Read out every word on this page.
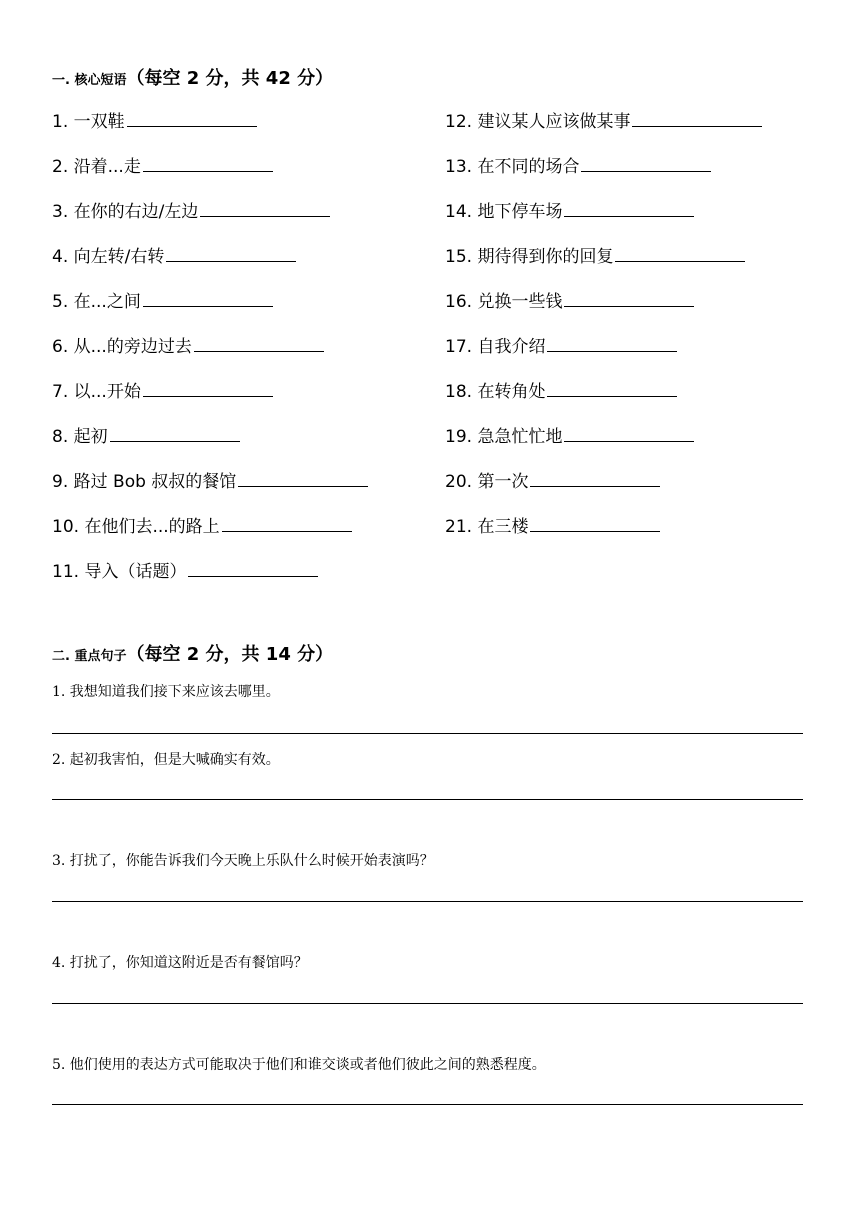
一. 核心短语（每空 2 分，共 42 分）
1. 一双鞋
2. 沿着...走
3. 在你的右边/左边
4. 向左转/右转
5. 在...之间
6. 从...的旁边过去
7. 以...开始
8. 起初
9. 路过 Bob 叔叔的餐馆
10. 在他们去...的路上
11. 导入（话题）
12. 建议某人应该做某事
13. 在不同的场合
14. 地下停车场
15. 期待得到你的回复
16. 兑换一些钱
17. 自我介绍
18. 在转角处
19. 急急忙忙地
20. 第一次
21. 在三楼
二. 重点句子（每空 2 分，共 14 分）
1. 我想知道我们接下来应该去哪里。
2. 起初我害怕，但是大喊确实有效。
3. 打扰了，你能告诉我们今天晚上乐队什么时候开始表演吗？
4. 打扰了，你知道这附近是否有餐馆吗？
5. 他们使用的表达方式可能取决于他们和谁交谈或者他们彼此之间的熟悉程度。
